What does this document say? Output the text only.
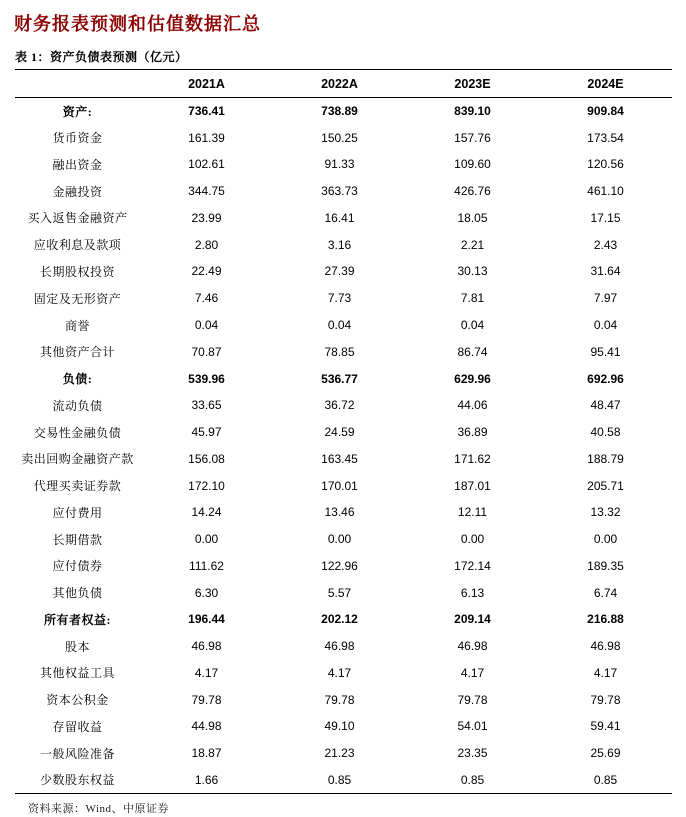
财务报表预测和估值数据汇总
表 1：资产负债表预测（亿元）
	2021A	2022A	2023E	2024E
资产:	736.41	738.89	839.10	909.84
货币资金	161.39	150.25	157.76	173.54
融出资金	102.61	91.33	109.60	120.56
金融投资	344.75	363.73	426.76	461.10
买入返售金融资产	23.99	16.41	18.05	17.15
应收利息及款项	2.80	3.16	2.21	2.43
长期股权投资	22.49	27.39	30.13	31.64
固定及无形资产	7.46	7.73	7.81	7.97
商誉	0.04	0.04	0.04	0.04
其他资产合计	70.87	78.85	86.74	95.41
负债:	539.96	536.77	629.96	692.96
流动负债	33.65	36.72	44.06	48.47
交易性金融负债	45.97	24.59	36.89	40.58
卖出回购金融资产款	156.08	163.45	171.62	188.79
代理买卖证券款	172.10	170.01	187.01	205.71
应付费用	14.24	13.46	12.11	13.32
长期借款	0.00	0.00	0.00	0.00
应付债券	111.62	122.96	172.14	189.35
其他负债	6.30	5.57	6.13	6.74
所有者权益:	196.44	202.12	209.14	216.88
股本	46.98	46.98	46.98	46.98
其他权益工具	4.17	4.17	4.17	4.17
资本公积金	79.78	79.78	79.78	79.78
存留收益	44.98	49.10	54.01	59.41
一般风险准备	18.87	21.23	23.35	25.69
少数股东权益	1.66	0.85	0.85	0.85
资料来源：Wind、中原证券
